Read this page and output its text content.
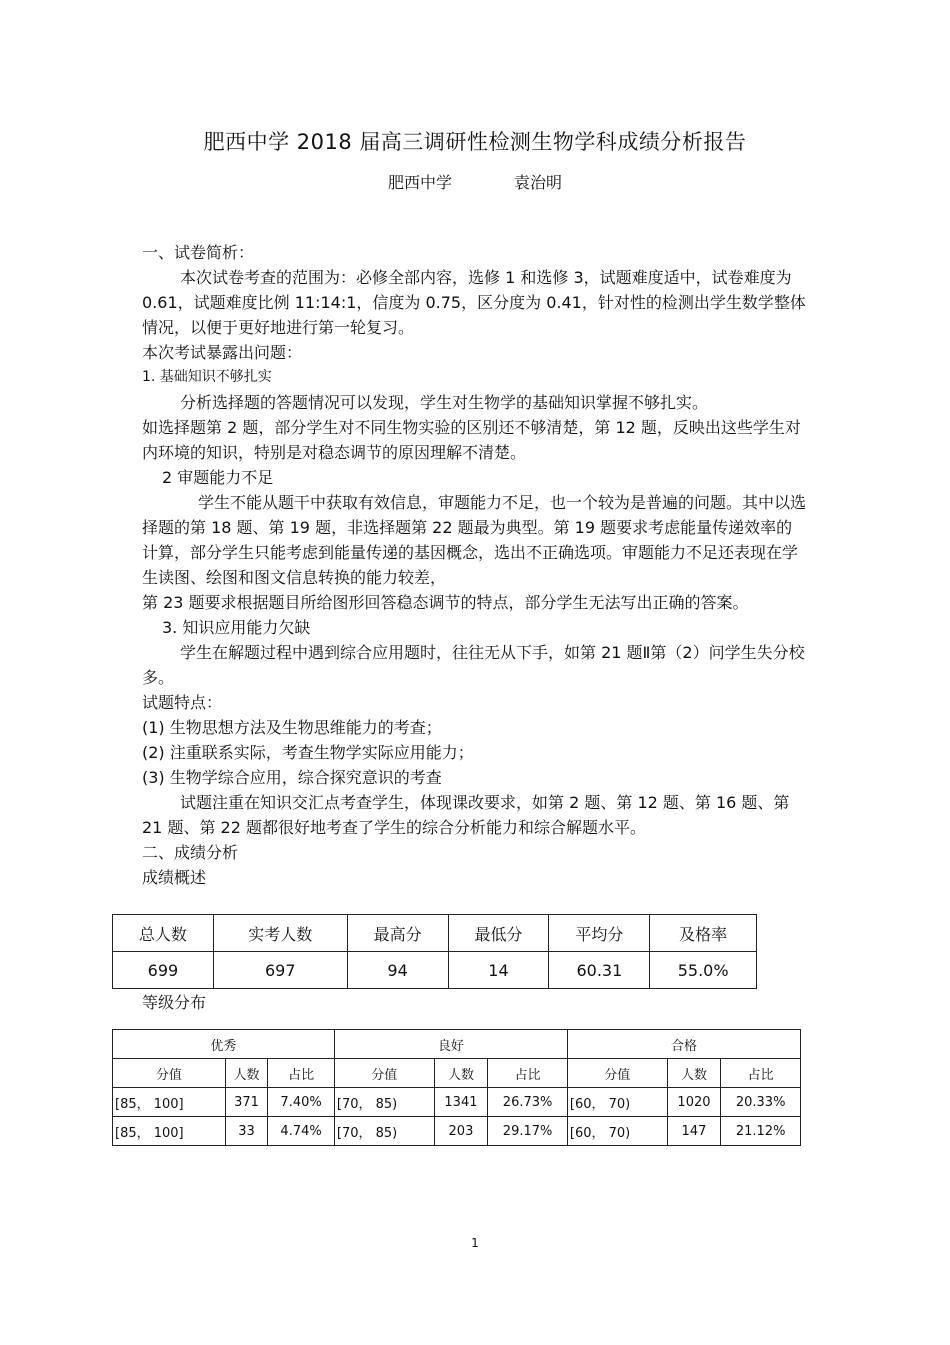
肥西中学 2018 届高三调研性检测生物学科成绩分析报告
肥西中学	袁治明

一、试卷简析：

本次试卷考查的范围为：必修全部内容，选修 1 和选修 3，试题难度适中，试卷难度为 0.61，试题难度比例 11:14:1，信度为 0.75，区分度为 0.41，针对性的检测出学生数学整体情况，以便于更好地进行第一轮复习。

本次考试暴露出问题：

1. 基础知识不够扎实

分析选择题的答题情况可以发现，学生对生物学的基础知识掌握不够扎实。

如选择题第 2 题，部分学生对不同生物实验的区别还不够清楚，第 12 题，反映出这些学生对内环境的知识，特别是对稳态调节的原因理解不清楚。

2 审题能力不足

学生不能从题干中获取有效信息，审题能力不足，也一个较为是普遍的问题。其中以选择题的第 18 题、第 19 题，非选择题第 22 题最为典型。第 19 题要求考虑能量传递效率的计算，部分学生只能考虑到能量传递的基因概念，选出不正确选项。审题能力不足还表现在学生读图、绘图和图文信息转换的能力较差，

第 23 题要求根据题目所给图形回答稳态调节的特点，部分学生无法写出正确的答案。

3. 知识应用能力欠缺

学生在解题过程中遇到综合应用题时，往往无从下手，如第 21 题Ⅱ第（2）问学生失分校多。

试题特点：

(1) 生物思想方法及生物思维能力的考查；

(2) 注重联系实际，考查生物学实际应用能力；

(3) 生物学综合应用，综合探究意识的考查

试题注重在知识交汇点考查学生，体现课改要求，如第 2 题、第 12 题、第 16 题、第 21 题、第 22 题都很好地考查了学生的综合分析能力和综合解题水平。

二、成绩分析

成绩概述

总人数	实考人数	最高分	最低分	平均分	及格率
699	697	94	14	60.31	55.0%
等级分布
优秀			良好			合格		
分值	人数	占比	分值	人数	占比	分值	人数	占比
[85， 100]	371	7.40%	[70， 85)	1341	26.73%	[60， 70)	1020	20.33%
[85， 100]	33	4.74%	[70， 85)	203	29.17%	[60， 70)	147	21.12%
1
